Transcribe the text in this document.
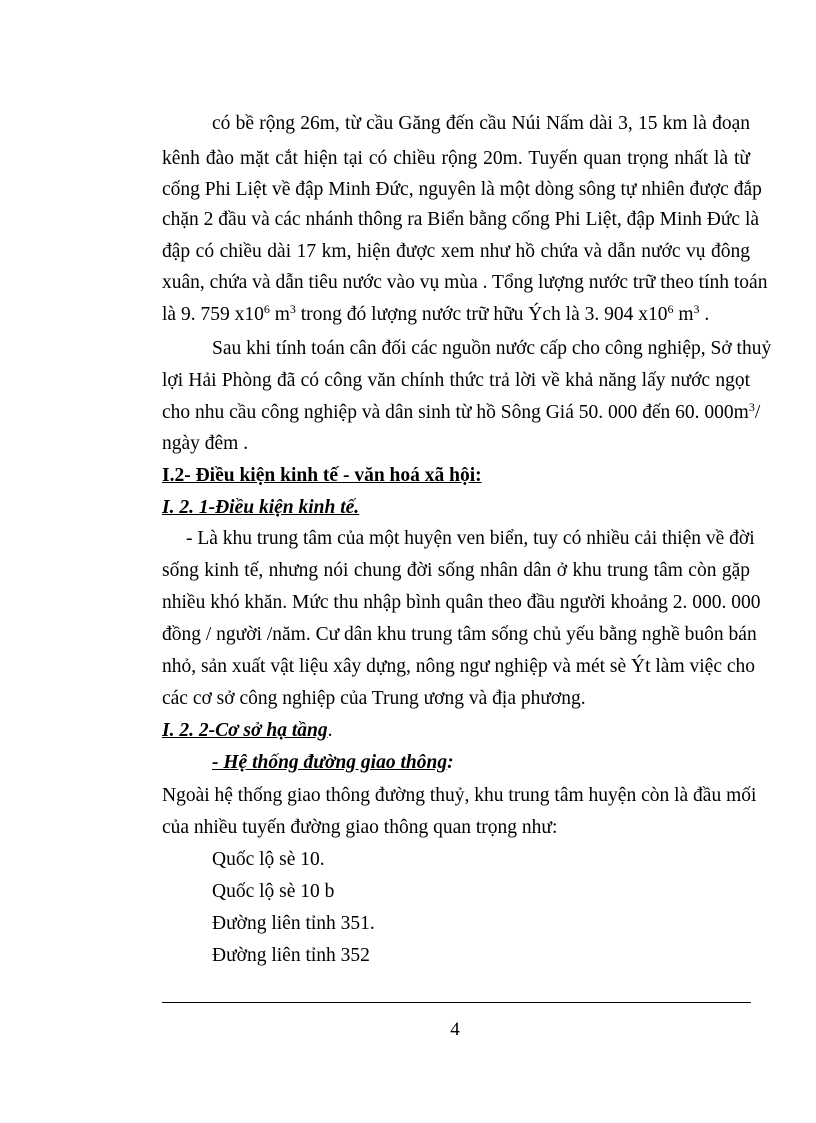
có bề rộng 26m, từ cầu Găng đến cầu Núi Nấm dài 3, 15 km là đoạn
kênh đào mặt cắt hiện tại có chiều rộng 20m. Tuyến quan trọng nhất là từ
cống Phi Liệt về đập Minh Đức, nguyên là một dòng sông tự nhiên được đắp
chặn 2 đầu và các nhánh thông ra Biển bằng cống Phi Liệt, đập Minh Đức là
đập có chiều dài 17 km, hiện được xem như hồ chứa và dẫn nước vụ đông
xuân, chứa và dẫn tiêu nước vào vụ mùa . Tổng lượng nước trữ theo tính toán
là 9. 759 $x10^6$ $m^3$ trong đó lượng nước trữ hữu Ých là 3. 904 $x10^6$ $m^3$ .
Sau khi tính toán cân đối các nguồn nước cấp cho công nghiệp, Sở thuỷ
lợi Hải Phòng đã có công văn chính thức trả lời về khả năng lấy nước ngọt
cho nhu cầu công nghiệp và dân sinh từ hồ Sông Giá 50. 000 đến 60. $000m^3/$
ngày đêm .
I.2- Điều kiện kinh tế - văn hoá xã hội:
I. 2. 1-Điều kiện kinh tế.
- Là khu trung tâm của một huyện ven biển, tuy có nhiều cải thiện về đời
sống kinh tế, nhưng nói chung đời sống nhân dân ở khu trung tâm còn gặp
nhiều khó khăn. Mức thu nhập bình quân theo đầu người khoảng 2. 000. 000
đồng / người /năm. Cư dân khu trung tâm sống chủ yếu bằng nghề buôn bán
nhỏ, sản xuất vật liệu xây dựng, nông ngư nghiệp và mét sè Ýt làm việc cho
các cơ sở công nghiệp của Trung ương và địa phương.
I. 2. 2-Cơ sở hạ tầng.
- Hệ thống đường giao thông:
Ngoài hệ thống giao thông đường thuỷ, khu trung tâm huyện còn là đầu mối
của nhiều tuyến đường giao thông quan trọng như:
Quốc lộ sè 10.
Quốc lộ sè 10 b
Đường liên tỉnh 351.
Đường liên tỉnh 352
4
